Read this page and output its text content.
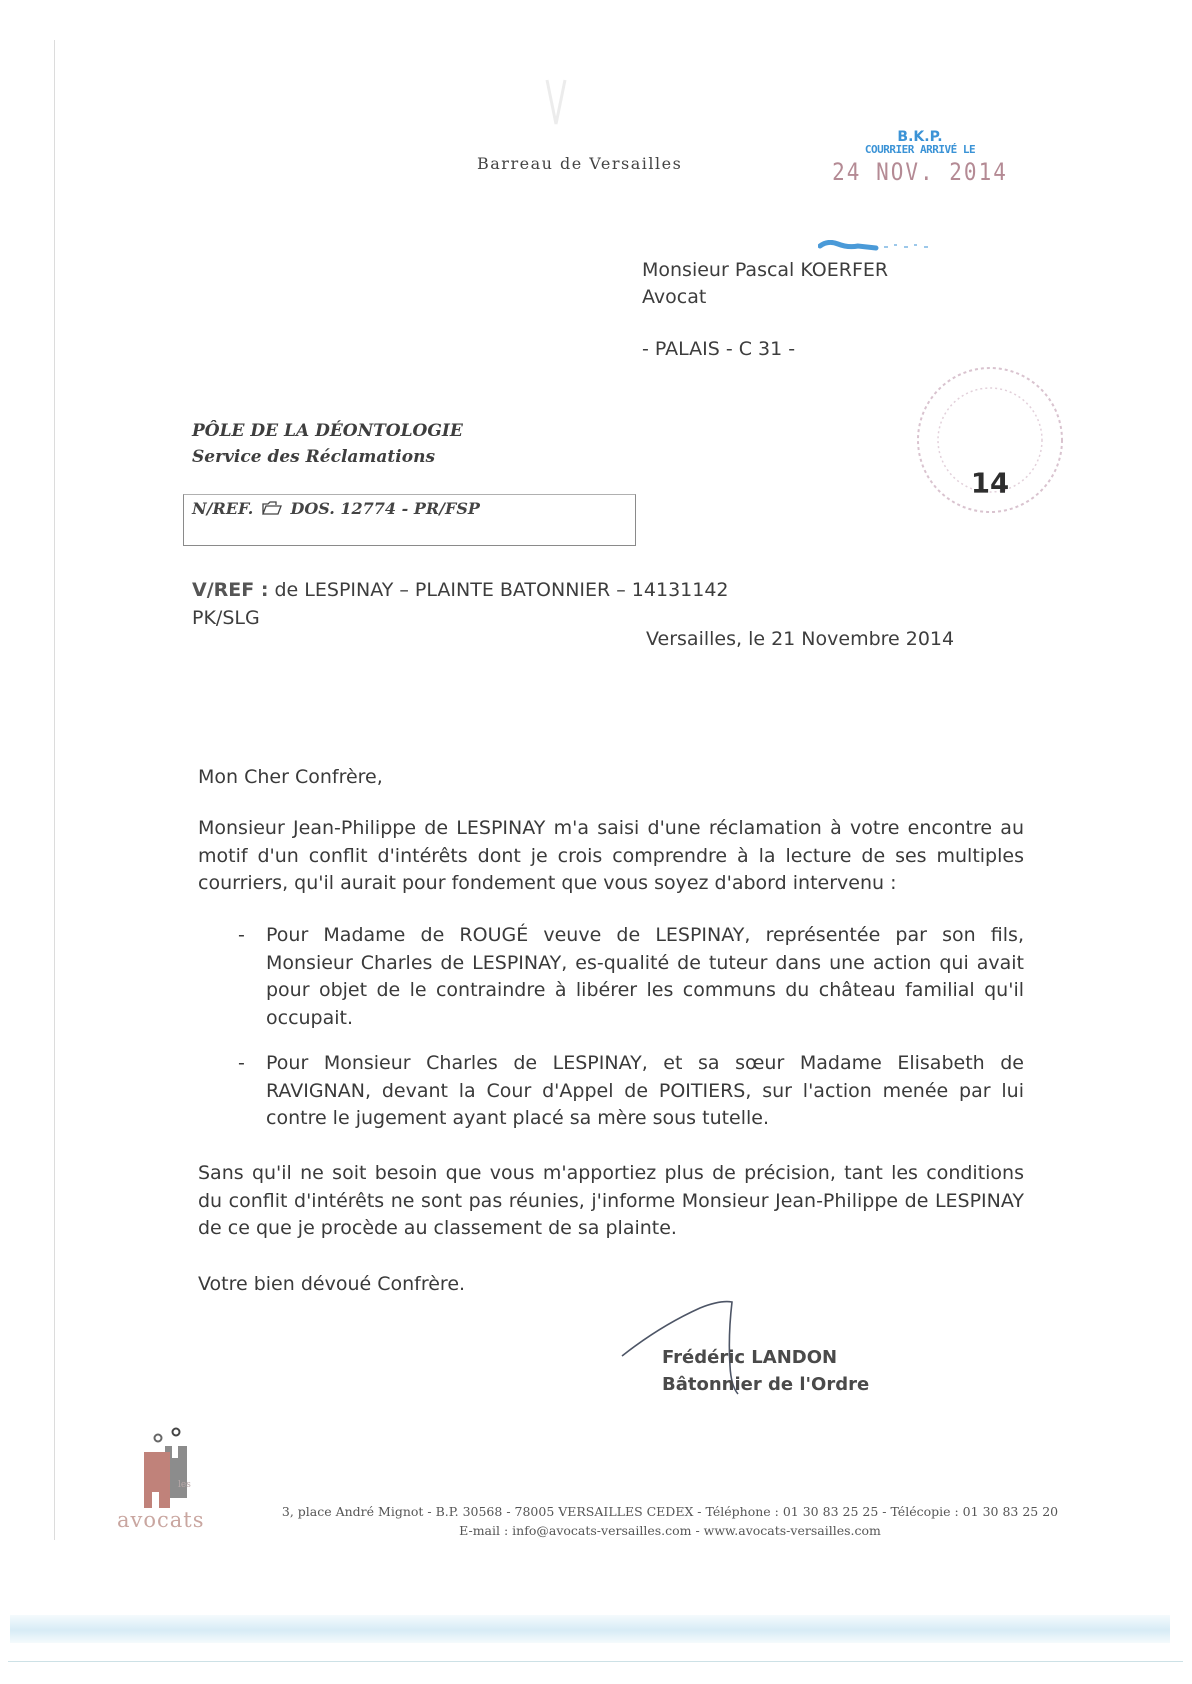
Barreau de Versailles
B.K.P.
COURRIER ARRIVÉ LE
24 NOV. 2014
Monsieur Pascal KOERFER
Avocat
- PALAIS - C 31 -
14
PÔLE DE LA DÉONTOLOGIE
Service des Réclamations
N/REF. DOS. 12774 - PR/FSP
V/REF : de LESPINAY – PLAINTE BATONNIER – 14131142
PK/SLG
Versailles, le 21 Novembre 2014
Mon Cher Confrère,
Monsieur Jean-Philippe de LESPINAY m'a saisi d'une réclamation à votre encontre au motif d'un conflit d'intérêts dont je crois comprendre à la lecture de ses multiples courriers, qu'il aurait pour fondement que vous soyez d'abord intervenu :
- Pour Madame de ROUGÉ veuve de LESPINAY, représentée par son fils, Monsieur Charles de LESPINAY, es-qualité de tuteur dans une action qui avait pour objet de le contraindre à libérer les communs du château familial qu'il occupait.
- Pour Monsieur Charles de LESPINAY, et sa sœur Madame Elisabeth de RAVIGNAN, devant la Cour d'Appel de POITIERS, sur l'action menée par lui contre le jugement ayant placé sa mère sous tutelle.
Sans qu'il ne soit besoin que vous m'apportiez plus de précision, tant les conditions du conflit d'intérêts ne sont pas réunies, j'informe Monsieur Jean-Philippe de LESPINAY de ce que je procède au classement de sa plainte.
Votre bien dévoué Confrère.
Frédéric LANDON
Bâtonnier de l'Ordre
les
avocats	3, place André Mignot - B.P. 30568 - 78005 VERSAILLES CEDEX - Téléphone : 01 30 83 25 25 - Télécopie : 01 30 83 25 20
E-mail : info@avocats-versailles.com - www.avocats-versailles.com
